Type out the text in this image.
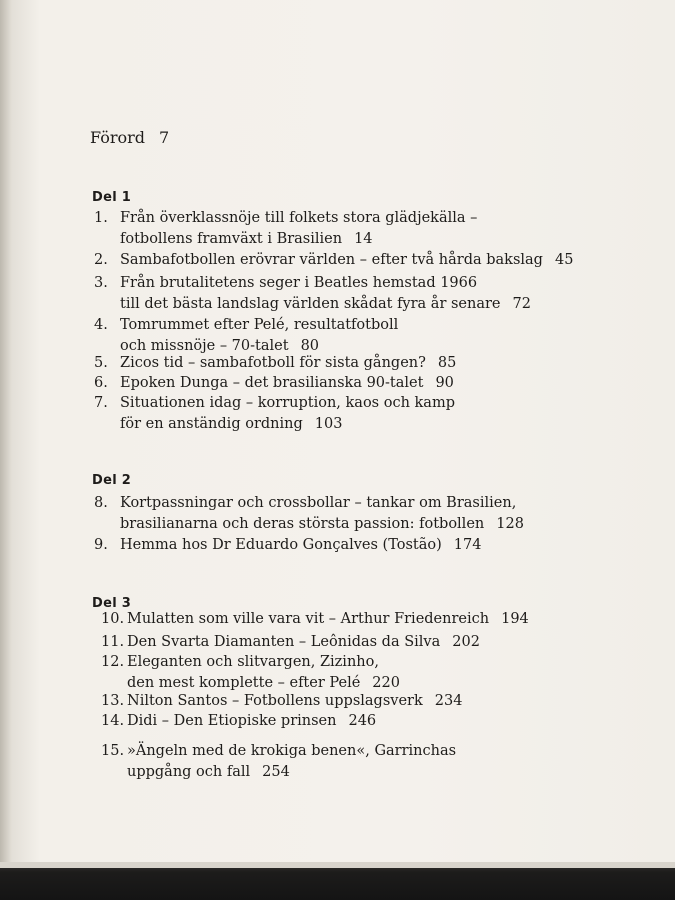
Förord 7
Del 1
1. Från överklassnöje till folkets stora glädjekälla –
fotbollens framväxt i Brasilien 14
2. Sambafotbollen erövrar världen – efter två hårda bakslag 45
3. Från brutalitetens seger i Beatles hemstad 1966
till det bästa landslag världen skådat fyra år senare 72
4. Tomrummet efter Pelé, resultatfotboll
och missnöje – 70-talet 80
5. Zicos tid – sambafotboll för sista gången? 85
6. Epoken Dunga – det brasilianska 90-talet 90
7. Situationen idag – korruption, kaos och kamp
för en anständig ordning 103
Del 2
8. Kortpassningar och crossbollar – tankar om Brasilien,
brasilianarna och deras största passion: fotbollen 128
9. Hemma hos Dr Eduardo Gonçalves (Tostão) 174
Del 3
10. Mulatten som ville vara vit – Arthur Friedenreich 194
11. Den Svarta Diamanten – Leônidas da Silva 202
12. Eleganten och slitvargen, Zizinho,
den mest komplette – efter Pelé 220
13. Nilton Santos – Fotbollens uppslagsverk 234
14. Didi – Den Etiopiske prinsen 246
15. »Ängeln med de krokiga benen«, Garrinchas
uppgång och fall 254
